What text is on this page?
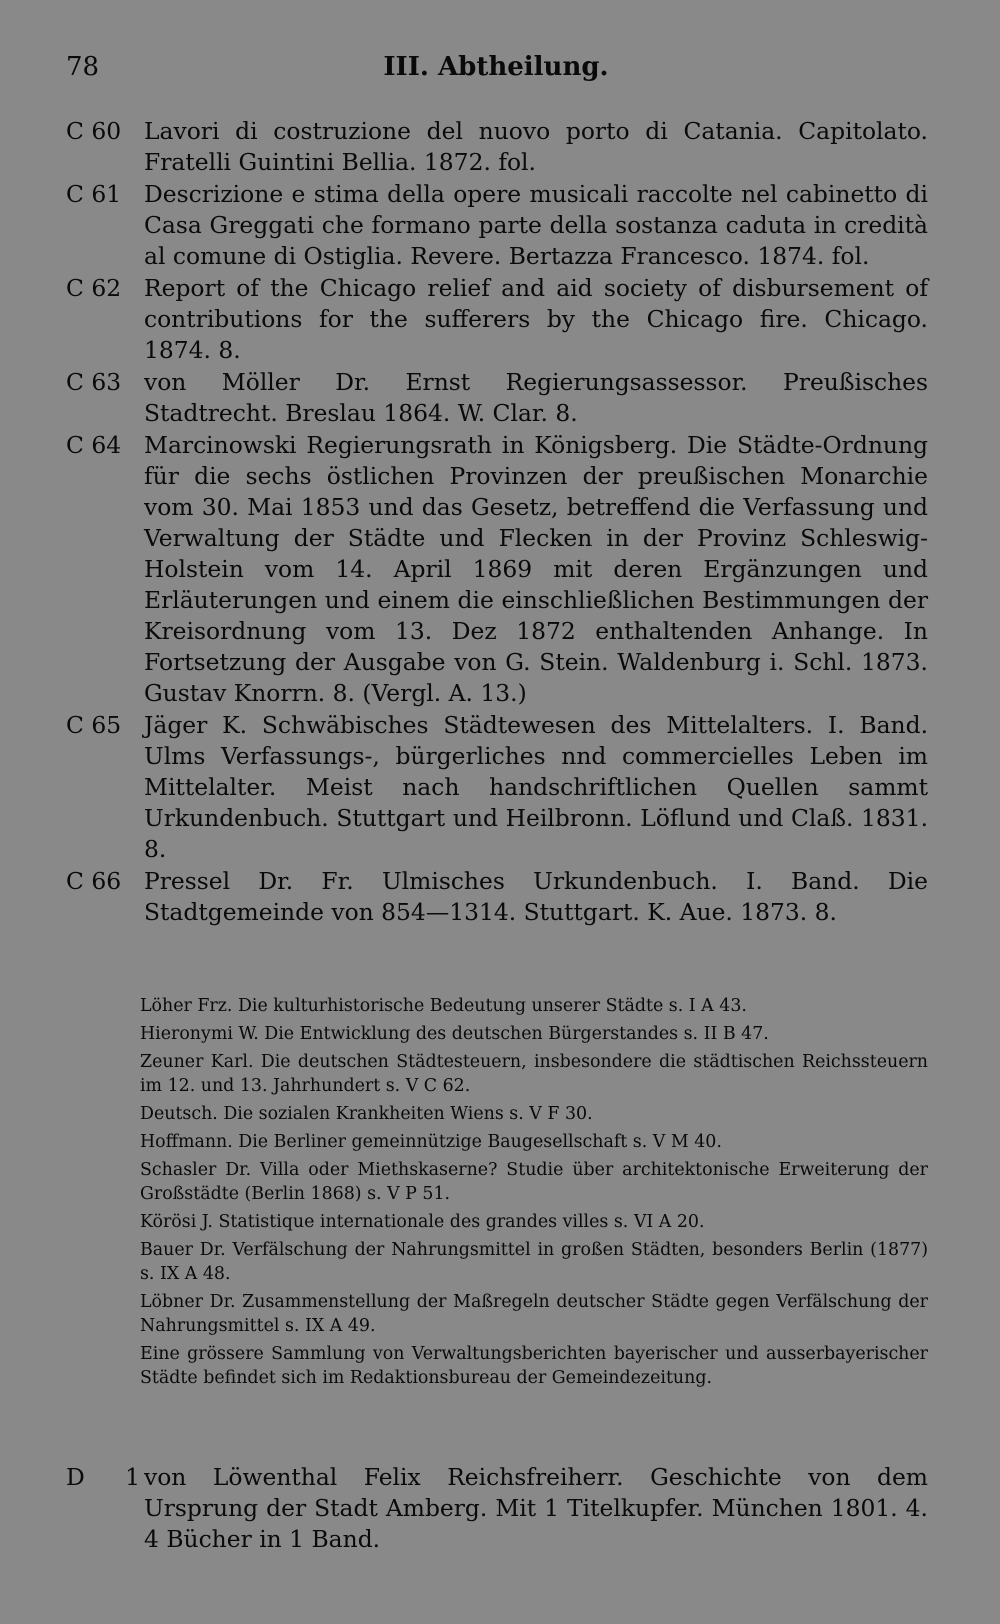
78	III. Abtheilung.
C 60 Lavori di costruzione del nuovo porto di Catania. Capitolato. Fratelli Guintini Bellia. 1872. fol.
C 61 Descrizione e stima della opere musicali raccolte nel cabinetto di Casa Greggati che formano parte della sostanza caduta in credità al comune di Ostiglia. Revere. Bertazza Francesco. 1874. fol.
C 62 Report of the Chicago relief and aid society of disbursement of contributions for the sufferers by the Chicago fire. Chicago. 1874. 8.
C 63 von Möller Dr. Ernst Regierungsassessor. Preußisches Stadtrecht. Breslau 1864. W. Clar. 8.
C 64 Marcinowski Regierungsrath in Königsberg. Die Städte-Ordnung für die sechs östlichen Provinzen der preußischen Monarchie vom 30. Mai 1853 und das Gesetz, betreffend die Verfassung und Verwaltung der Städte und Flecken in der Provinz Schleswig-Holstein vom 14. April 1869 mit deren Ergänzungen und Erläuterungen und einem die einschließlichen Bestimmungen der Kreisordnung vom 13. Dez 1872 enthaltenden Anhange. In Fortsetzung der Ausgabe von G. Stein. Waldenburg i. Schl. 1873. Gustav Knorrn. 8. (Vergl. A. 13.)
C 65 Jäger K. Schwäbisches Städtewesen des Mittelalters. I. Band. Ulms Verfassungs-, bürgerliches nnd commercielles Leben im Mittelalter. Meist nach handschriftlichen Quellen sammt Urkundenbuch. Stuttgart und Heilbronn. Löflund und Claß. 1831. 8.
C 66 Pressel Dr. Fr. Ulmisches Urkundenbuch. I. Band. Die Stadtgemeinde von 854—1314. Stuttgart. K. Aue. 1873. 8.
Löher Frz. Die kulturhistorische Bedeutung unserer Städte s. I A 43.
Hieronymi W. Die Entwicklung des deutschen Bürgerstandes s. II B 47.
Zeuner Karl. Die deutschen Städtesteuern, insbesondere die städtischen Reichssteuern im 12. und 13. Jahrhundert s. V C 62.
Deutsch. Die sozialen Krankheiten Wiens s. V F 30.
Hoffmann. Die Berliner gemeinnützige Baugesellschaft s. V M 40.
Schasler Dr. Villa oder Miethskaserne? Studie über architektonische Erweiterung der Großstädte (Berlin 1868) s. V P 51.
Körösi J. Statistique internationale des grandes villes s. VI A 20.
Bauer Dr. Verfälschung der Nahrungsmittel in großen Städten, besonders Berlin (1877) s. IX A 48.
Löbner Dr. Zusammenstellung der Maßregeln deutscher Städte gegen Verfälschung der Nahrungsmittel s. IX A 49.
Eine grössere Sammlung von Verwaltungsberichten bayerischer und ausserbayerischer Städte befindet sich im Redaktionsbureau der Gemeindezeitung.
D 1 von Löwenthal Felix Reichsfreiherr. Geschichte von dem Ursprung der Stadt Amberg. Mit 1 Titelkupfer. München 1801. 4. 4 Bücher in 1 Band.
